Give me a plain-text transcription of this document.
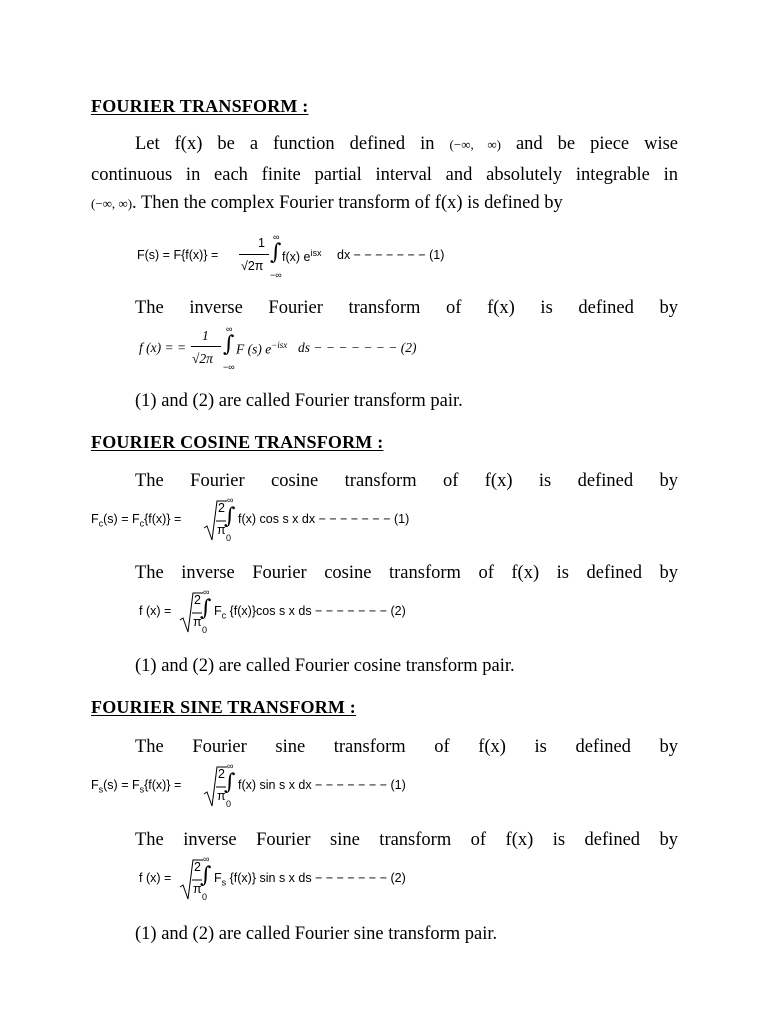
FOURIER TRANSFORM :
Let f(x) be a function defined in (−∞, ∞) and be piece wise
continuous in each finite partial interval and absolutely integrable in
(−∞, ∞). Then the complex Fourier transform of f(x) is defined by
F(s) = F{f(x)} =
1
√2π
∞
∫
−∞
f(x) $e^{isx}$ dx − − − − − − − (1)
The inverse Fourier transform of f(x) is defined by
f (x) = =
1
√2π
∞
∫
−∞
F (s) $e^{-isx}$ ds − − − − − − − (2)
(1) and (2) are called Fourier transform pair.
FOURIER COSINE TRANSFORM :
The Fourier cosine transform of f(x) is defined by
$F_c(s) = F_c\{f(x)\}$ =
2
π
∞
∫
0
f(x) cos s x dx − − − − − − − (1)
The inverse Fourier cosine transform of f(x) is defined by
f (x) =
2
π
∞
∫
0
$F_c$ {f(x)}cos s x ds − − − − − − − (2)
(1) and (2) are called Fourier cosine transform pair.
FOURIER SINE TRANSFORM :
The Fourier sine transform of f(x) is defined by
$F_s(s) = F_s\{f(x)\}$ =
2
π
∞
∫
0
f(x) sin s x dx − − − − − − − (1)
The inverse Fourier sine transform of f(x) is defined by
f (x) =
2
π
∞
∫
0
$F_s$ {f(x)} sin s x ds − − − − − − − (2)
(1) and (2) are called Fourier sine transform pair.
